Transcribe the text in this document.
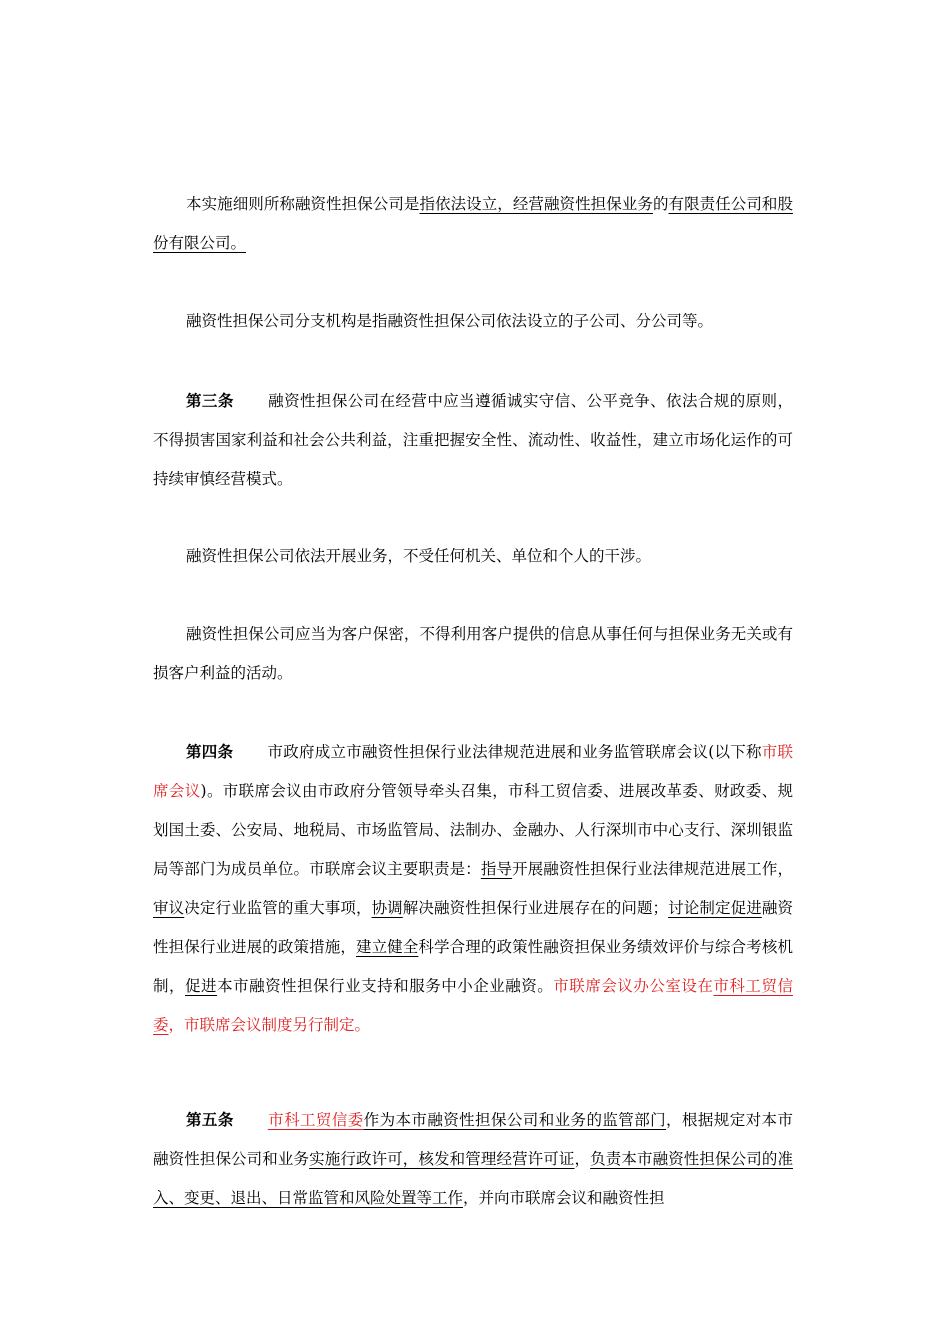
本实施细则所称融资性担保公司是指依法设立，经营融资性担保业务的有限责任公司和股份有限公司。

融资性担保公司分支机构是指融资性担保公司依法设立的子公司、分公司等。

第三条 融资性担保公司在经营中应当遵循诚实守信、公平竞争、依法合规的原则，不得损害国家利益和社会公共利益，注重把握安全性、流动性、收益性，建立市场化运作的可持续审慎经营模式。

融资性担保公司依法开展业务，不受任何机关、单位和个人的干涉。

融资性担保公司应当为客户保密，不得利用客户提供的信息从事任何与担保业务无关或有损客户利益的活动。

第四条 市政府成立市融资性担保行业法律规范进展和业务监管联席会议(以下称市联席会议)。市联席会议由市政府分管领导牵头召集，市科工贸信委、进展改革委、财政委、规划国土委、公安局、地税局、市场监管局、法制办、金融办、人行深圳市中心支行、深圳银监局等部门为成员单位。市联席会议主要职责是：指导开展融资性担保行业法律规范进展工作，审议决定行业监管的重大事项，协调解决融资性担保行业进展存在的问题；讨论制定促进融资性担保行业进展的政策措施，建立健全科学合理的政策性融资担保业务绩效评价与综合考核机制，促进本市融资性担保行业支持和服务中小企业融资。市联席会议办公室设在市科工贸信委，市联席会议制度另行制定。

第五条 市科工贸信委作为本市融资性担保公司和业务的监管部门，根据规定对本市融资性担保公司和业务实施行政许可，核发和管理经营许可证，负责本市融资性担保公司的准入、变更、退出、日常监管和风险处置等工作，并向市联席会议和融资性担
